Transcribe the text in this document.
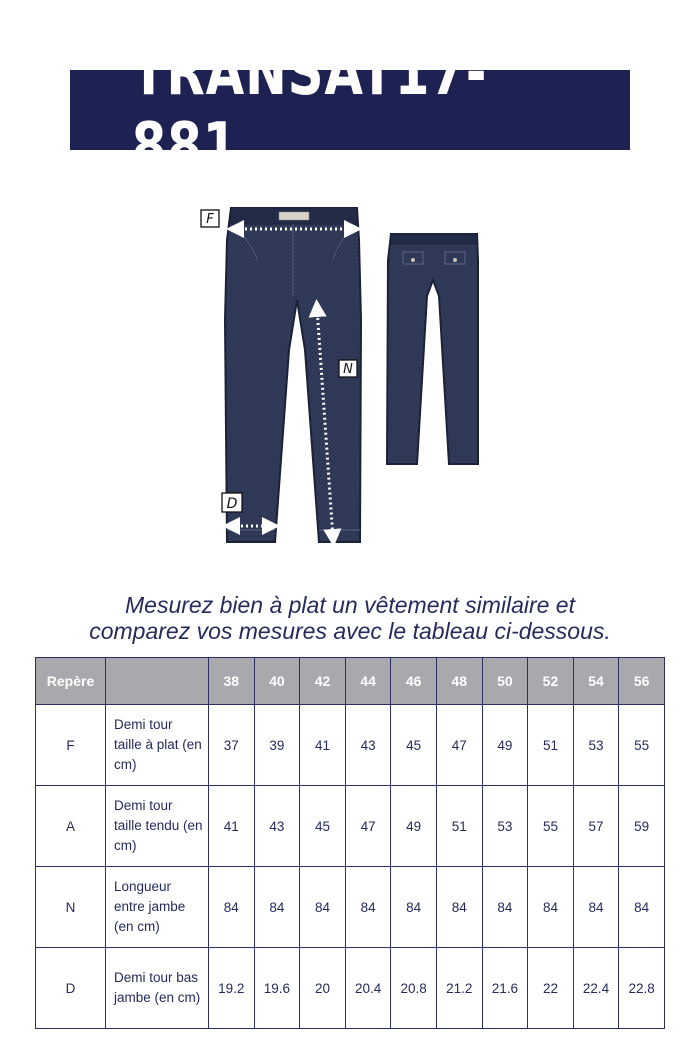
TRANSAT17-881
F
N
D
Mesurez bien à plat un vêtement similaire et
comparez vos mesures avec le tableau ci-dessous.
Repère		38	40	42	44	46	48	50	52	54	56
F	Demi tour taille à plat (en cm)	37	39	41	43	45	47	49	51	53	55
A	Demi tour taille tendu (en cm)	41	43	45	47	49	51	53	55	57	59
N	Longueur entre jambe (en cm)	84	84	84	84	84	84	84	84	84	84
D	Demi tour bas jambe (en cm)	19.2	19.6	20	20.4	20.8	21.2	21.6	22	22.4	22.8
